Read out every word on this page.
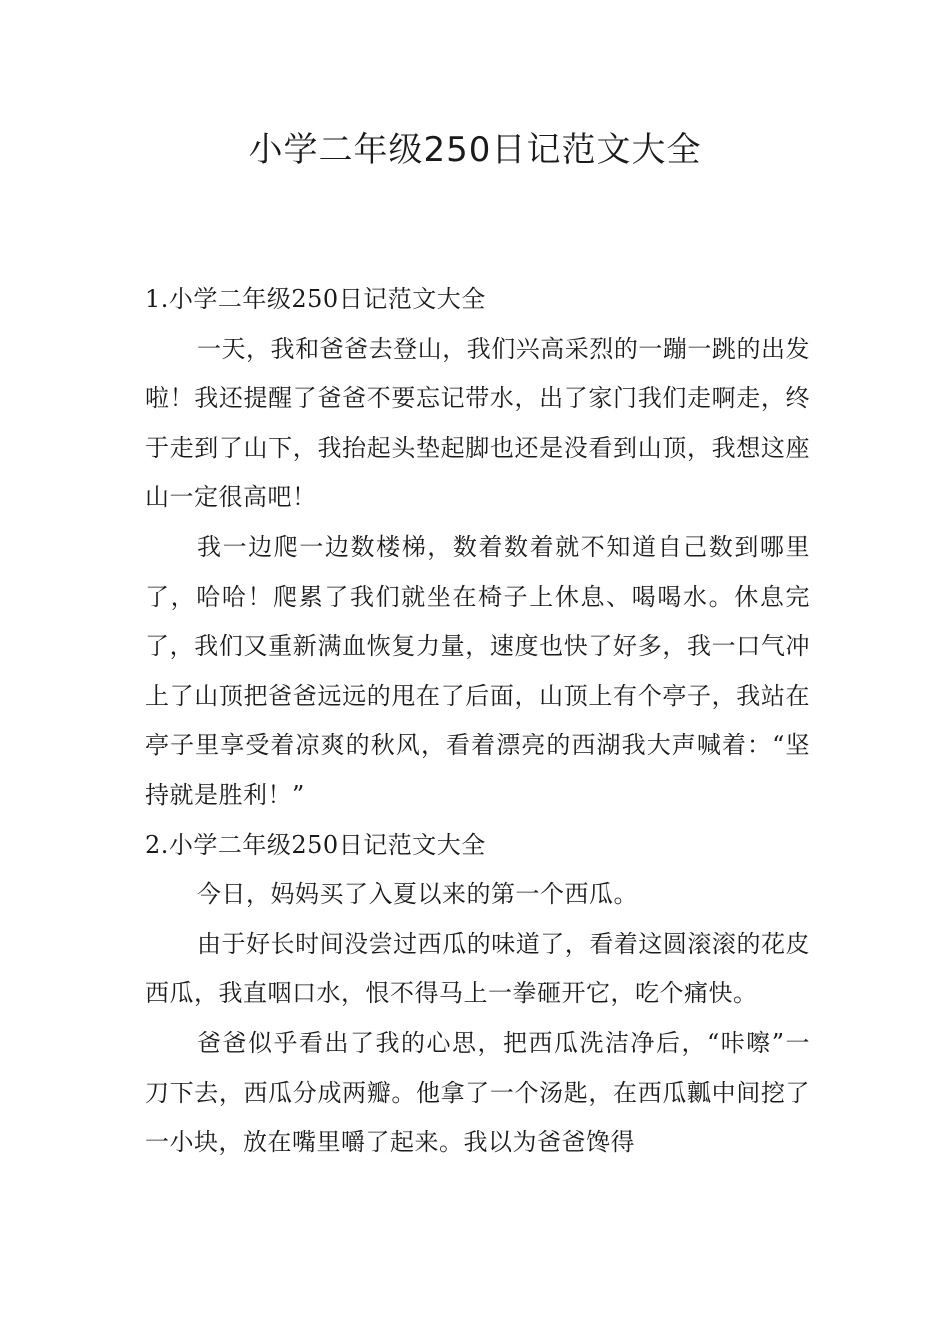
小学二年级250日记范文大全

1.小学二年级250日记范文大全

一天，我和爸爸去登山，我们兴高采烈的一蹦一跳的出发啦！我还提醒了爸爸不要忘记带水，出了家门我们走啊走，终于走到了山下，我抬起头垫起脚也还是没看到山顶，我想这座山一定很高吧！

我一边爬一边数楼梯，数着数着就不知道自己数到哪里了，哈哈！爬累了我们就坐在椅子上休息、喝喝水。休息完了，我们又重新满血恢复力量，速度也快了好多，我一口气冲上了山顶把爸爸远远的甩在了后面，山顶上有个亭子，我站在亭子里享受着凉爽的秋风，看着漂亮的西湖我大声喊着：“坚持就是胜利！”

2.小学二年级250日记范文大全

今日，妈妈买了入夏以来的第一个西瓜。

由于好长时间没尝过西瓜的味道了，看着这圆滚滚的花皮西瓜，我直咽口水，恨不得马上一拳砸开它，吃个痛快。

爸爸似乎看出了我的心思，把西瓜洗洁净后，“咔嚓”一刀下去，西瓜分成两瓣。他拿了一个汤匙，在西瓜瓤中间挖了一小块，放在嘴里嚼了起来。我以为爸爸馋得
